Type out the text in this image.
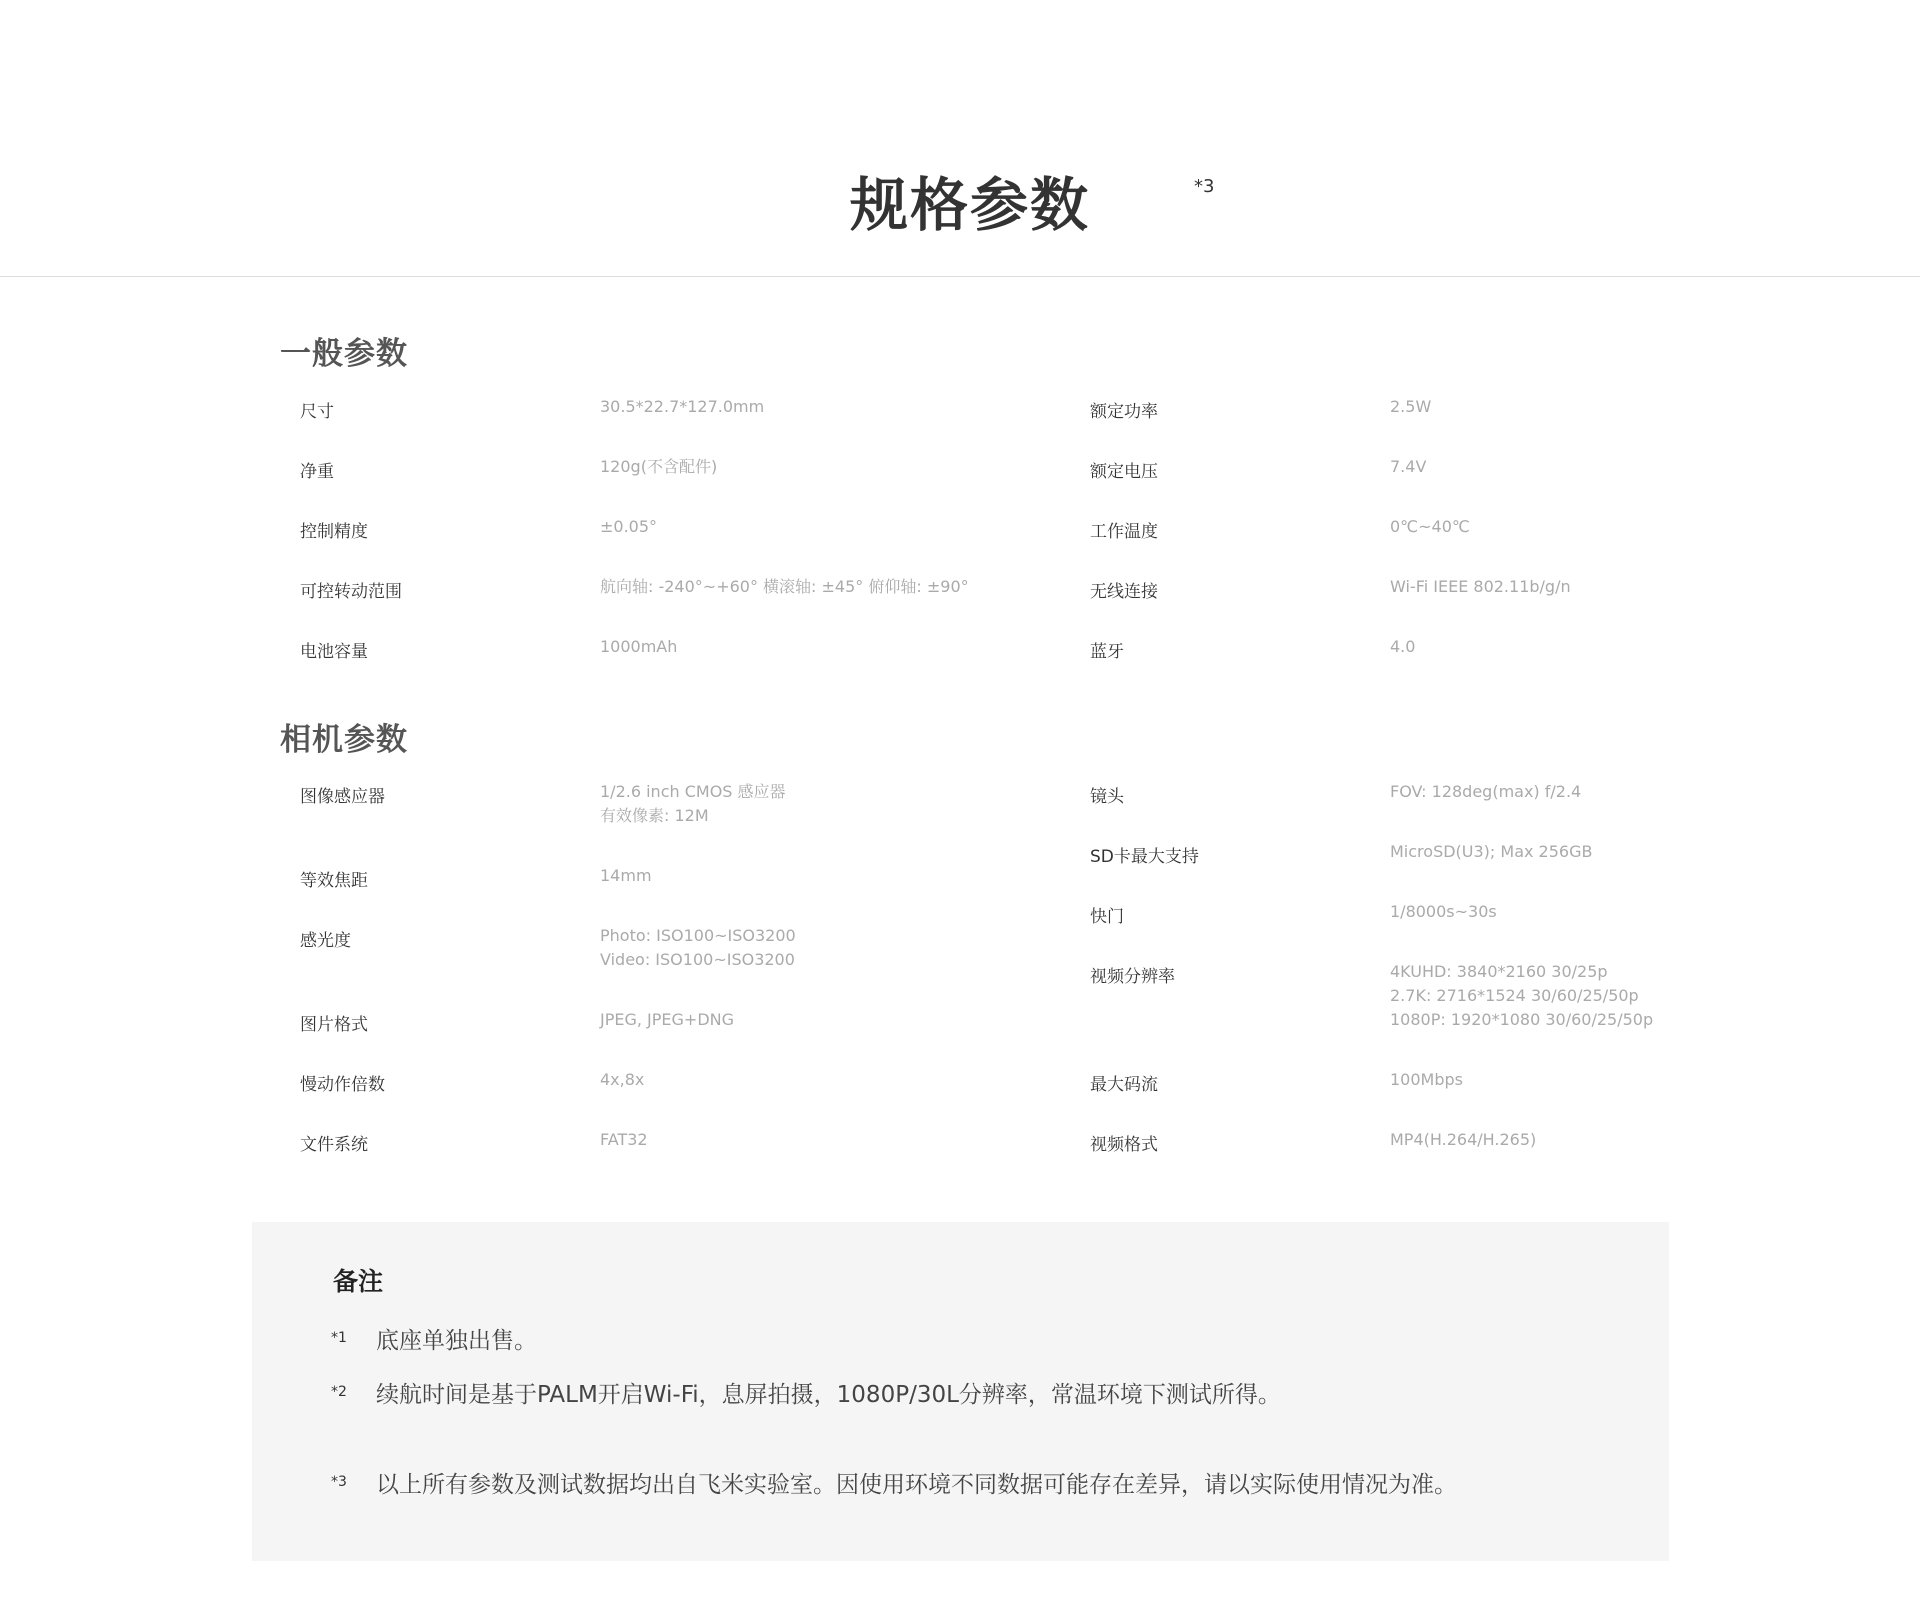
规格参数	*3
一般参数
尺寸	30.5*22.7*127.0mm
净重	120g(不含配件)
控制精度	±0.05°
可控转动范围	航向轴: -240°~+60° 横滚轴: ±45° 俯仰轴: ±90°
电池容量	1000mAh
额定功率	2.5W
额定电压	7.4V
工作温度	0℃~40℃
无线连接	Wi-Fi IEEE 802.11b/g/n
蓝牙	4.0
相机参数
图像感应器	1/2.6 inch CMOS 感应器
有效像素: 12M
等效焦距	14mm
感光度	Photo: ISO100~ISO3200
Video: ISO100~ISO3200
图片格式	JPEG, JPEG+DNG
慢动作倍数	4x,8x
文件系统	FAT32
镜头	FOV: 128deg(max) f/2.4
SD卡最大支持	MicroSD(U3); Max 256GB
快门	1/8000s~30s
视频分辨率	4KUHD: 3840*2160 30/25p
2.7K: 2716*1524 30/60/25/50p
1080P: 1920*1080 30/60/25/50p
最大码流	100Mbps
视频格式	MP4(H.264/H.265)
备注
*1 底座单独出售。
*2 续航时间是基于PALM开启Wi-Fi，息屏拍摄，1080P/30L分辨率，常温环境下测试所得。
*3 以上所有参数及测试数据均出自飞米实验室。因使用环境不同数据可能存在差异，请以实际使用情况为准。
